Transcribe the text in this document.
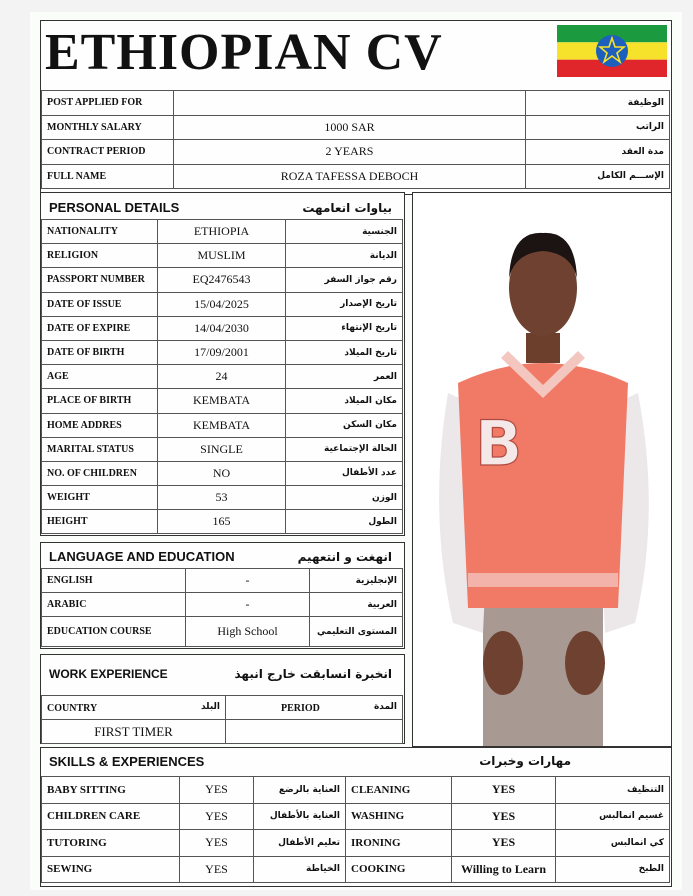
ETHIOPIAN CV
POST APPLIED FOR		الوظيفة
MONTHLY SALARY	1000 SAR	الراتب
CONTRACT PERIOD	2 YEARS	مدة العقد
FULL NAME	ROZA TAFESSA DEBOCH	الإســـم الكامل
PERSONAL DETAILS	بياوات انعامهت
NATIONALITY	ETHIOPIA	الجنسية
RELIGION	MUSLIM	الديانة
PASSPORT NUMBER	EQ2476543	رقم جواز السفر
DATE OF ISSUE	15/04/2025	تاريخ الإصدار
DATE OF EXPIRE	14/04/2030	تاريخ الإنتهاء
DATE OF BIRTH	17/09/2001	تاريخ الميلاد
AGE	24	العمر
PLACE OF BIRTH	KEMBATA	مكان الميلاد
HOME ADDRES	KEMBATA	مكان السكن
MARITAL STATUS	SINGLE	الحالة الإجتماعية
NO. OF CHILDREN	NO	عدد الأطفال
WEIGHT	53	الوزن
HEIGHT	165	الطول
B
LANGUAGE AND EDUCATION	انهغت و انتعهيم
ENGLISH	-	الإنجليزية
ARABIC	-	العربية
EDUCATION COURSE	High School	المستوى التعليمي
WORK EXPERIENCE	انخبرة انسابقت خارج انبهذ
COUNTRY البلد	PERIOD المدة

FIRST TIMER	
SKILLS & EXPERIENCES	مهارات وخبرات
BABY SITTING	YES	العناية بالرضع	CLEANING	YES	التنظيف
CHILDREN CARE	YES	العناية بالأطفال	WASHING	YES	غسيم انمالبس
TUTORING	YES	تعليم الأطفال	IRONING	YES	كي انمالبس
SEWING	YES	الخياطة	COOKING	Willing to Learn	الطبخ
